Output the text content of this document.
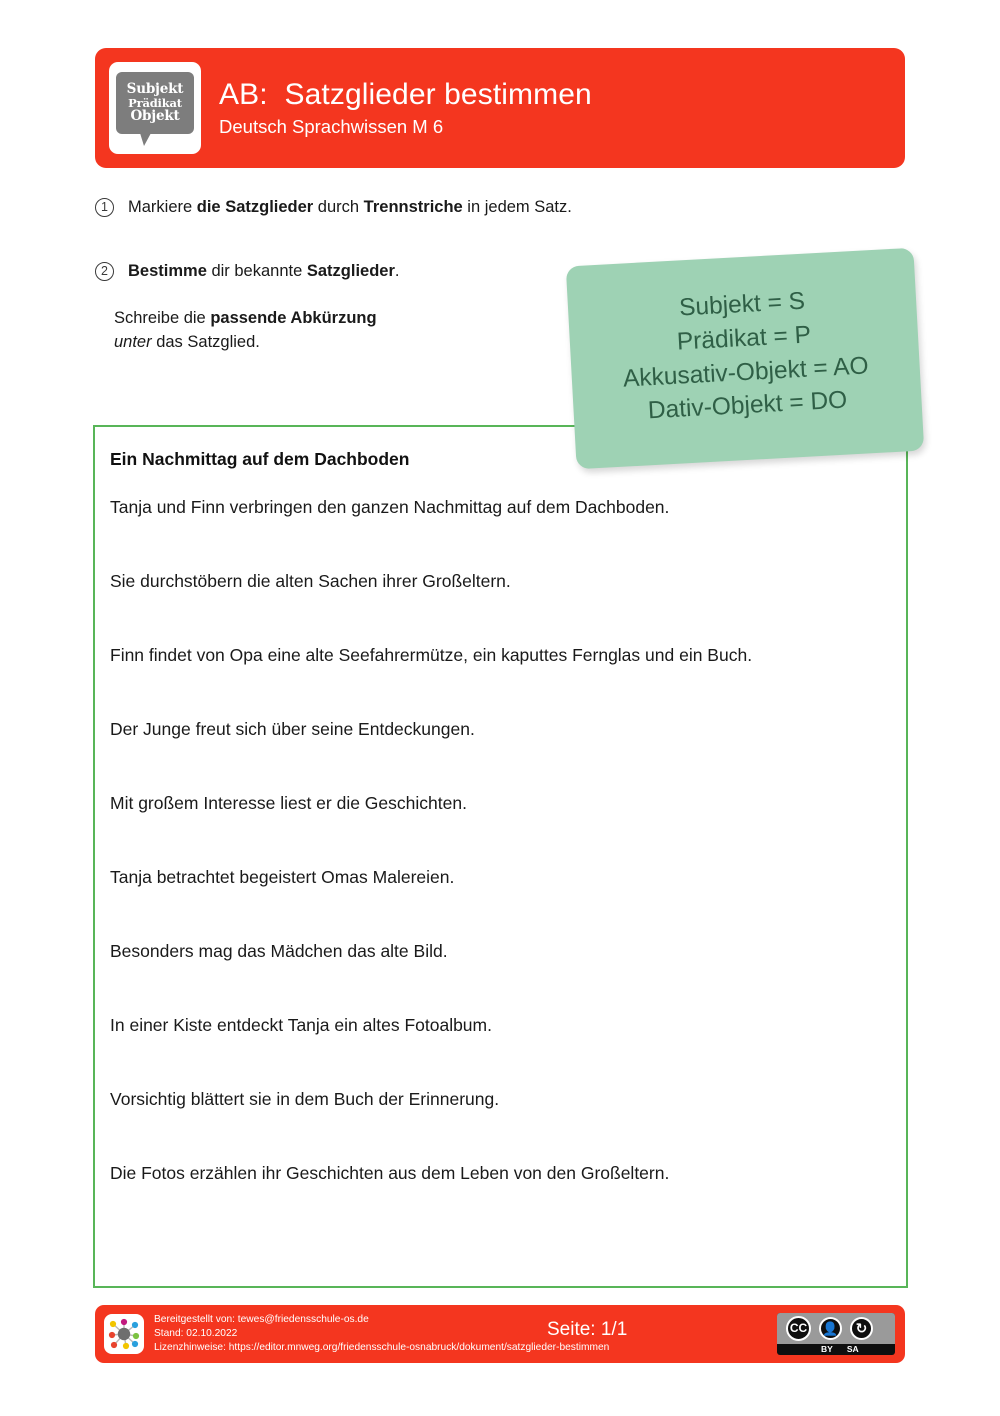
Subjekt
Prädikat
Objekt
AB:  Satzglieder bestimmen
Deutsch Sprachwissen M 6
1	Markiere die Satzglieder durch Trennstriche in jedem Satz.
2	Bestimme dir bekannte Satzglieder.
Schreibe die passende Abkürzung
unter das Satzglied.
Ein Nachmittag auf dem Dachboden
Tanja und Finn verbringen den ganzen Nachmittag auf dem Dachboden.
Sie durchstöbern die alten Sachen ihrer Großeltern.
Finn findet von Opa eine alte Seefahrermütze, ein kaputtes Fernglas und ein Buch.
Der Junge freut sich über seine Entdeckungen.
Mit großem Interesse liest er die Geschichten.
Tanja betrachtet begeistert Omas Malereien.
Besonders mag das Mädchen das alte Bild.
In einer Kiste entdeckt Tanja ein altes Fotoalbum.
Vorsichtig blättert sie in dem Buch der Erinnerung.
Die Fotos erzählen ihr Geschichten aus dem Leben von den Großeltern.
Subjekt = S
Prädikat = P
Akkusativ-Objekt = AO
Dativ-Objekt = DO
Bereitgestellt von: tewes@friedensschule-os.de
Stand: 02.10.2022
Lizenzhinweise: https://editor.mnweg.org/friedensschule-osnabruck/dokument/satzglieder-bestimmen
Seite: 1/1	CC 👤	↻
BY SA
